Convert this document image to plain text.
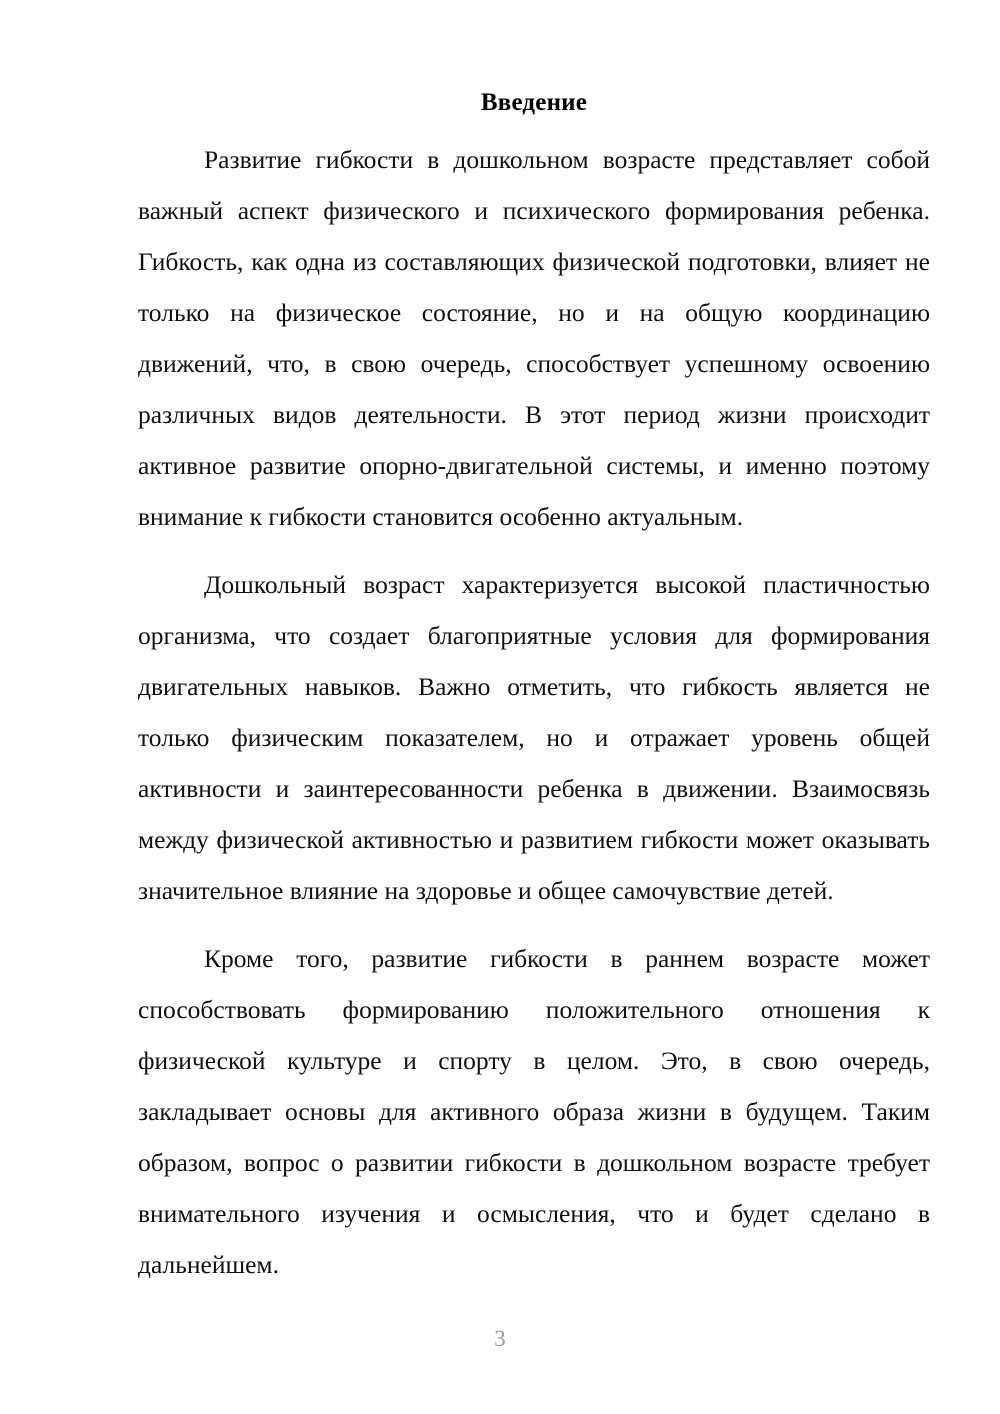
Введение

Развитие гибкости в дошкольном возрасте представляет собой важный аспект физического и психического формирования ребенка. Гибкость, как одна из составляющих физической подготовки, влияет не только на физическое состояние, но и на общую координацию движений, что, в свою очередь, способствует успешному освоению различных видов деятельности. В этот период жизни происходит активное развитие опорно-двигательной системы, и именно поэтому внимание к гибкости становится особенно актуальным.

Дошкольный возраст характеризуется высокой пластичностью организма, что создает благоприятные условия для формирования двигательных навыков. Важно отметить, что гибкость является не только физическим показателем, но и отражает уровень общей активности и заинтересованности ребенка в движении. Взаимосвязь между физической активностью и развитием гибкости может оказывать значительное влияние на здоровье и общее самочувствие детей.

Кроме того, развитие гибкости в раннем возрасте может способствовать формированию положительного отношения к физической культуре и спорту в целом. Это, в свою очередь, закладывает основы для активного образа жизни в будущем. Таким образом, вопрос о развитии гибкости в дошкольном возрасте требует внимательного изучения и осмысления, что и будет сделано в дальнейшем.

3
